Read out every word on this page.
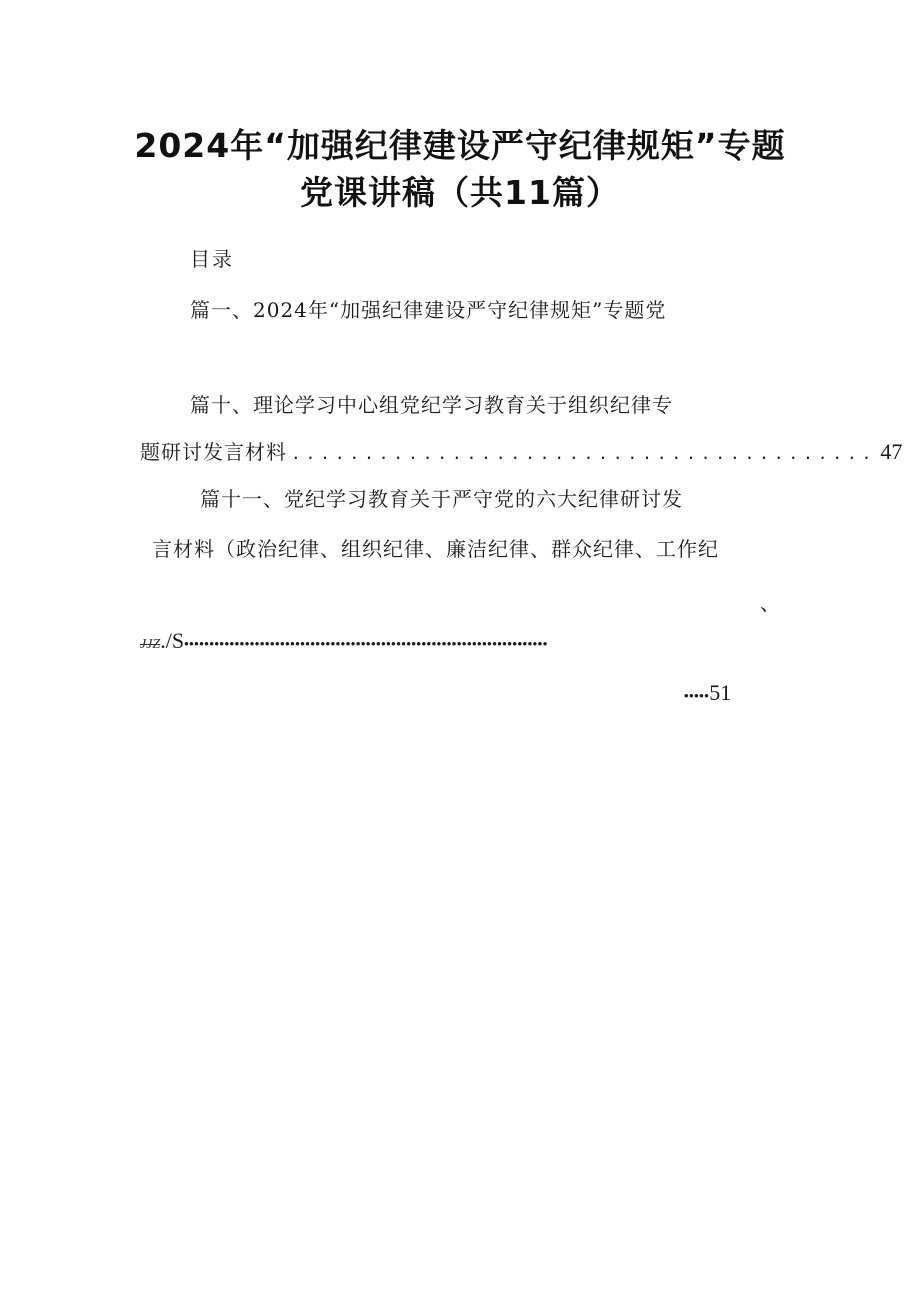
2024年“加强纪律建设严守纪律规矩”专题
党课讲稿（共11篇）
目录
篇一、2024年“加强纪律建设严守纪律规矩”专题党
篇十、理论学习中心组党纪学习教育关于组织纪律专
题研讨发言材料 ........................................ 47
篇十一、党纪学习教育关于严守党的六大纪律研讨发
言材料（政治纪律、组织纪律、廉洁纪律、群众纪律、工作纪
、
JJZ ./S ••••••••••••••••••••••••••••••••••••••••••••••••••••••••••••••••••••••••
••••• 51
